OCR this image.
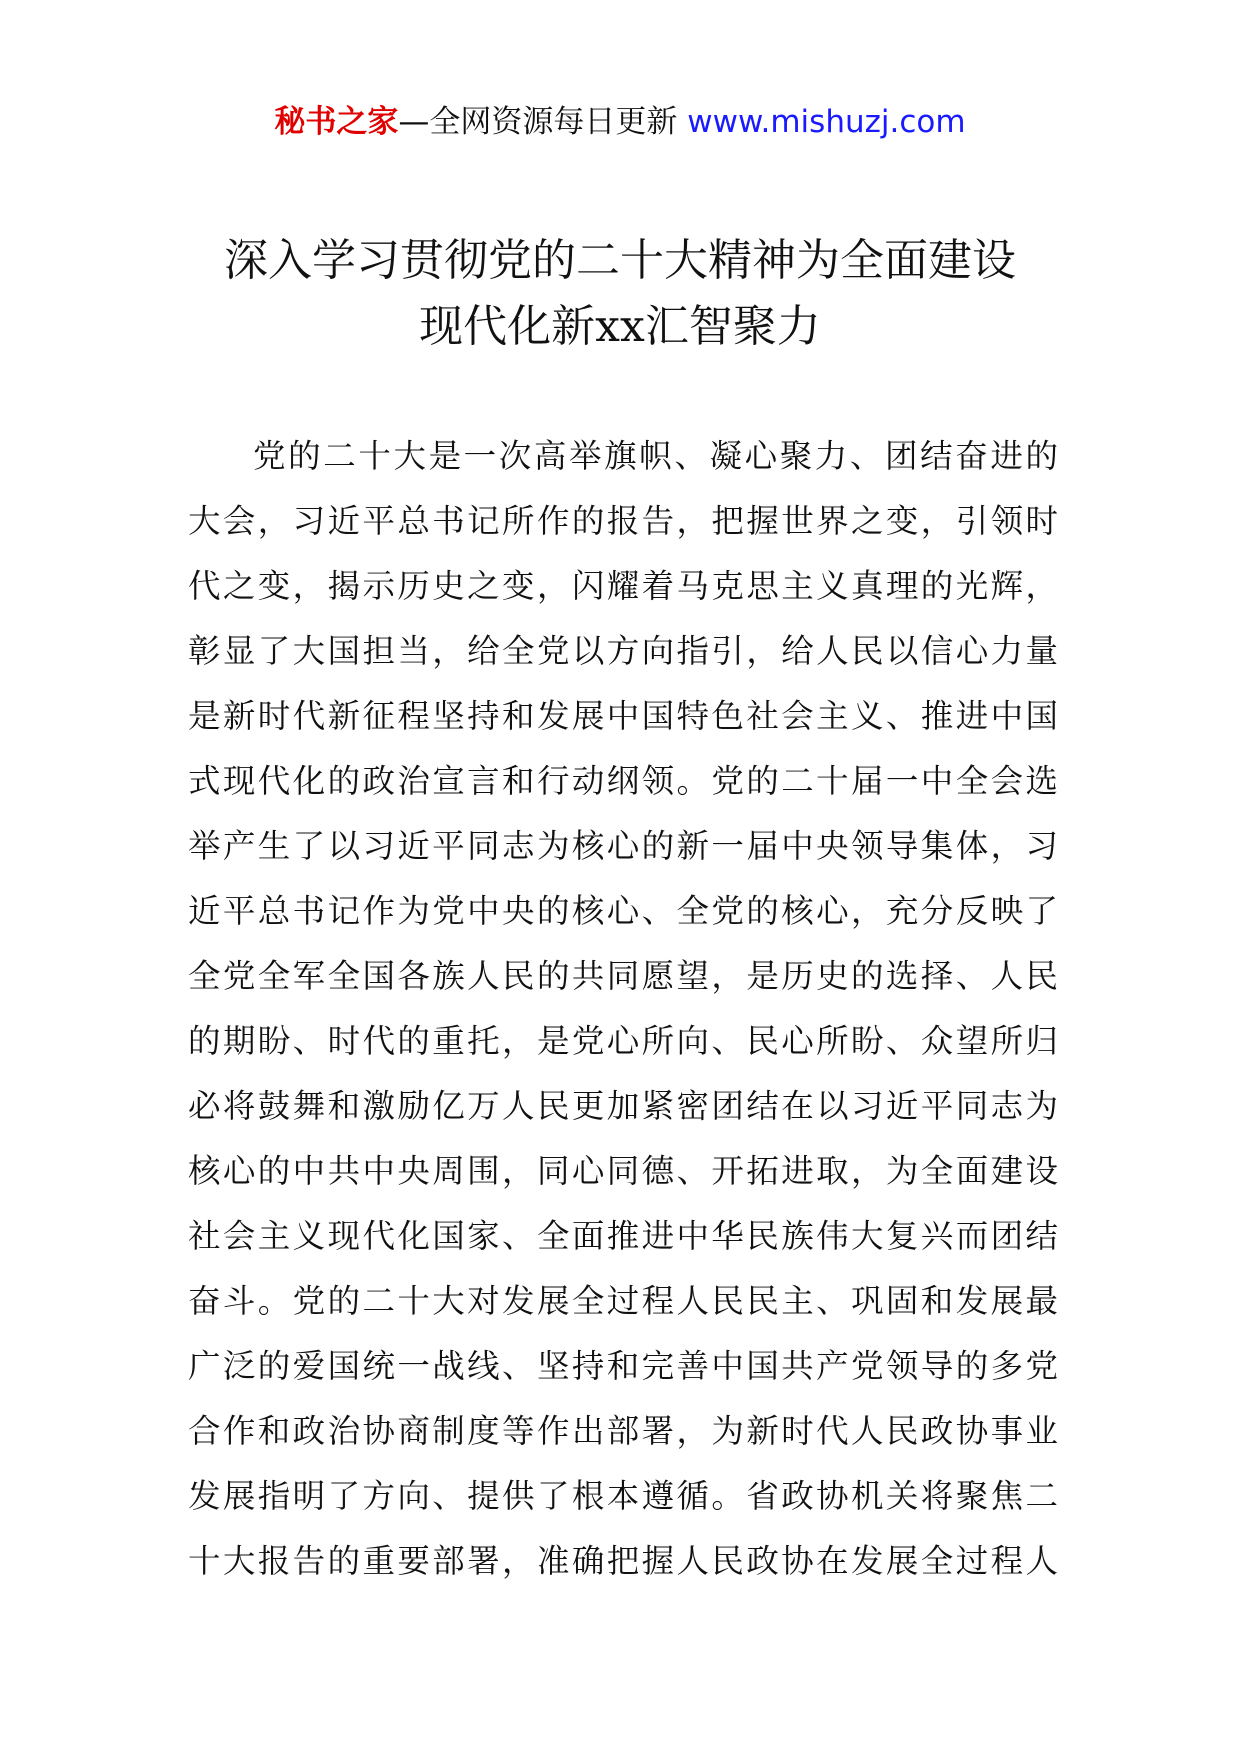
秘书之家—全网资源每日更新 www.mishuzj.com
深入学习贯彻党的二十大精神为全面建设
现代化新xx汇智聚力
党的二十大是一次高举旗帜、凝心聚力、团结奋进的
大会，习近平总书记所作的报告，把握世界之变，引领时
代之变，揭示历史之变，闪耀着马克思主义真理的光辉，
彰显了大国担当，给全党以方向指引，给人民以信心力量
是新时代新征程坚持和发展中国特色社会主义、推进中国
式现代化的政治宣言和行动纲领。党的二十届一中全会选
举产生了以习近平同志为核心的新一届中央领导集体，习
近平总书记作为党中央的核心、全党的核心，充分反映了
全党全军全国各族人民的共同愿望，是历史的选择、人民
的期盼、时代的重托，是党心所向、民心所盼、众望所归
必将鼓舞和激励亿万人民更加紧密团结在以习近平同志为
核心的中共中央周围，同心同德、开拓进取，为全面建设
社会主义现代化国家、全面推进中华民族伟大复兴而团结
奋斗。党的二十大对发展全过程人民民主、巩固和发展最
广泛的爱国统一战线、坚持和完善中国共产党领导的多党
合作和政治协商制度等作出部署，为新时代人民政协事业
发展指明了方向、提供了根本遵循。省政协机关将聚焦二
十大报告的重要部署，准确把握人民政协在发展全过程人
